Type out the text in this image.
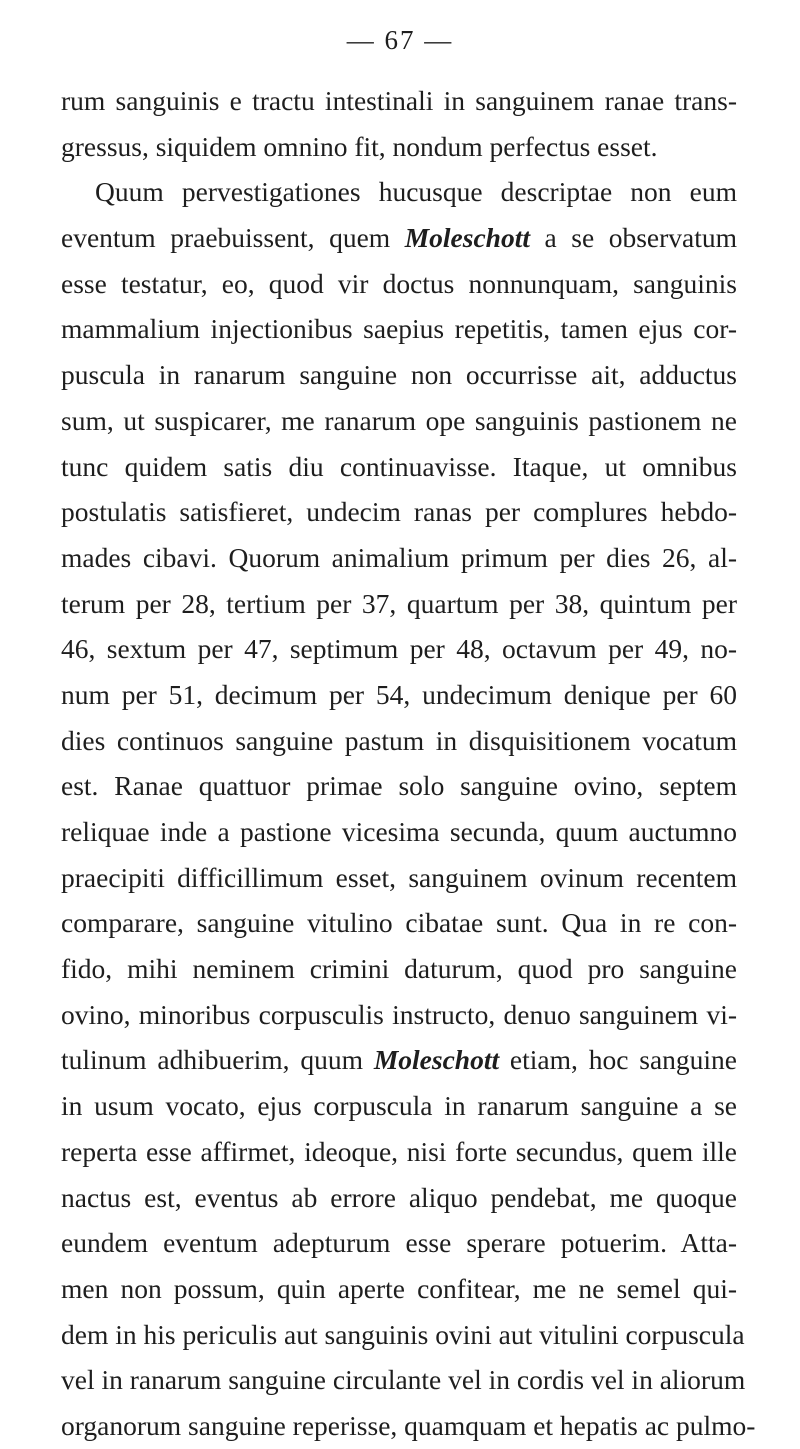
— 67 —
rum sanguinis e tractu intestinali in sanguinem ranae trans-
gressus, siquidem omnino fit, nondum perfectus esset.
Quum pervestigationes hucusque descriptae non eum
eventum praebuissent, quem Moleschott a se observatum
esse testatur, eo, quod vir doctus nonnunquam, sanguinis
mammalium injectionibus saepius repetitis, tamen ejus cor-
puscula in ranarum sanguine non occurrisse ait, adductus
sum, ut suspicarer, me ranarum ope sanguinis pastionem ne
tunc quidem satis diu continuavisse. Itaque, ut omnibus
postulatis satisfieret, undecim ranas per complures hebdo-
mades cibavi. Quorum animalium primum per dies 26, al-
terum per 28, tertium per 37, quartum per 38, quintum per
46, sextum per 47, septimum per 48, octavum per 49, no-
num per 51, decimum per 54, undecimum denique per 60
dies continuos sanguine pastum in disquisitionem vocatum
est. Ranae quattuor primae solo sanguine ovino, septem
reliquae inde a pastione vicesima secunda, quum auctumno
praecipiti difficillimum esset, sanguinem ovinum recentem
comparare, sanguine vitulino cibatae sunt. Qua in re con-
fido, mihi neminem crimini daturum, quod pro sanguine
ovino, minoribus corpusculis instructo, denuo sanguinem vi-
tulinum adhibuerim, quum Moleschott etiam, hoc sanguine
in usum vocato, ejus corpuscula in ranarum sanguine a se
reperta esse affirmet, ideoque, nisi forte secundus, quem ille
nactus est, eventus ab errore aliquo pendebat, me quoque
eundem eventum adepturum esse sperare potuerim. Atta-
men non possum, quin aperte confitear, me ne semel qui-
dem in his periculis aut sanguinis ovini aut vitulini corpuscula
vel in ranarum sanguine circulante vel in cordis vel in aliorum
organorum sanguine reperisse, quamquam et hepatis ac pulmo-
